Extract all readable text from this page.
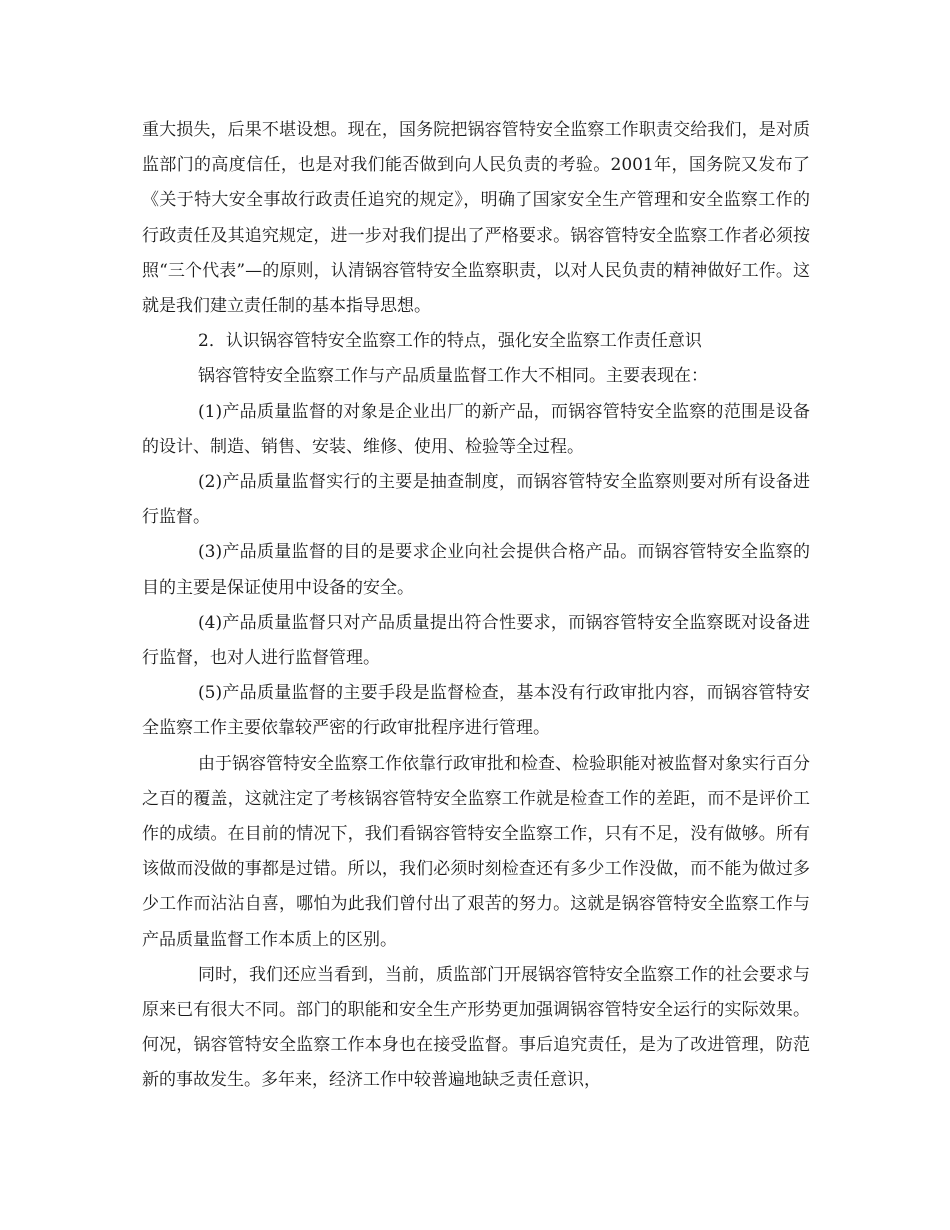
重大损失，后果不堪设想。现在，国务院把锅容管特安全监察工作职责交给我们，是对质监部门的高度信任，也是对我们能否做到向人民负责的考验。2001年，国务院又发布了《关于特大安全事故行政责任追究的规定》，明确了国家安全生产管理和安全监察工作的行政责任及其追究规定，进一步对我们提出了严格要求。锅容管特安全监察工作者必须按照“三个代表”—的原则，认清锅容管特安全监察职责，以对人民负责的精神做好工作。这就是我们建立责任制的基本指导思想。

2．认识锅容管特安全监察工作的特点，强化安全监察工作责任意识

锅容管特安全监察工作与产品质量监督工作大不相同。主要表现在：

(1)产品质量监督的对象是企业出厂的新产品，而锅容管特安全监察的范围是设备的设计、制造、销售、安装、维修、使用、检验等全过程。

(2)产品质量监督实行的主要是抽查制度，而锅容管特安全监察则要对所有设备进行监督。

(3)产品质量监督的目的是要求企业向社会提供合格产品。而锅容管特安全监察的目的主要是保证使用中设备的安全。

(4)产品质量监督只对产品质量提出符合性要求，而锅容管特安全监察既对设备进行监督，也对人进行监督管理。

(5)产品质量监督的主要手段是监督检查，基本没有行政审批内容，而锅容管特安全监察工作主要依靠较严密的行政审批程序进行管理。

由于锅容管特安全监察工作依靠行政审批和检查、检验职能对被监督对象实行百分之百的覆盖，这就注定了考核锅容管特安全监察工作就是检查工作的差距，而不是评价工作的成绩。在目前的情况下，我们看锅容管特安全监察工作，只有不足，没有做够。所有该做而没做的事都是过错。所以，我们必须时刻检查还有多少工作没做，而不能为做过多少工作而沾沾自喜，哪怕为此我们曾付出了艰苦的努力。这就是锅容管特安全监察工作与产品质量监督工作本质上的区别。

同时，我们还应当看到，当前，质监部门开展锅容管特安全监察工作的社会要求与原来已有很大不同。部门的职能和安全生产形势更加强调锅容管特安全运行的实际效果。何况，锅容管特安全监察工作本身也在接受监督。事后追究责任，是为了改进管理，防范新的事故发生。多年来，经济工作中较普遍地缺乏责任意识，
